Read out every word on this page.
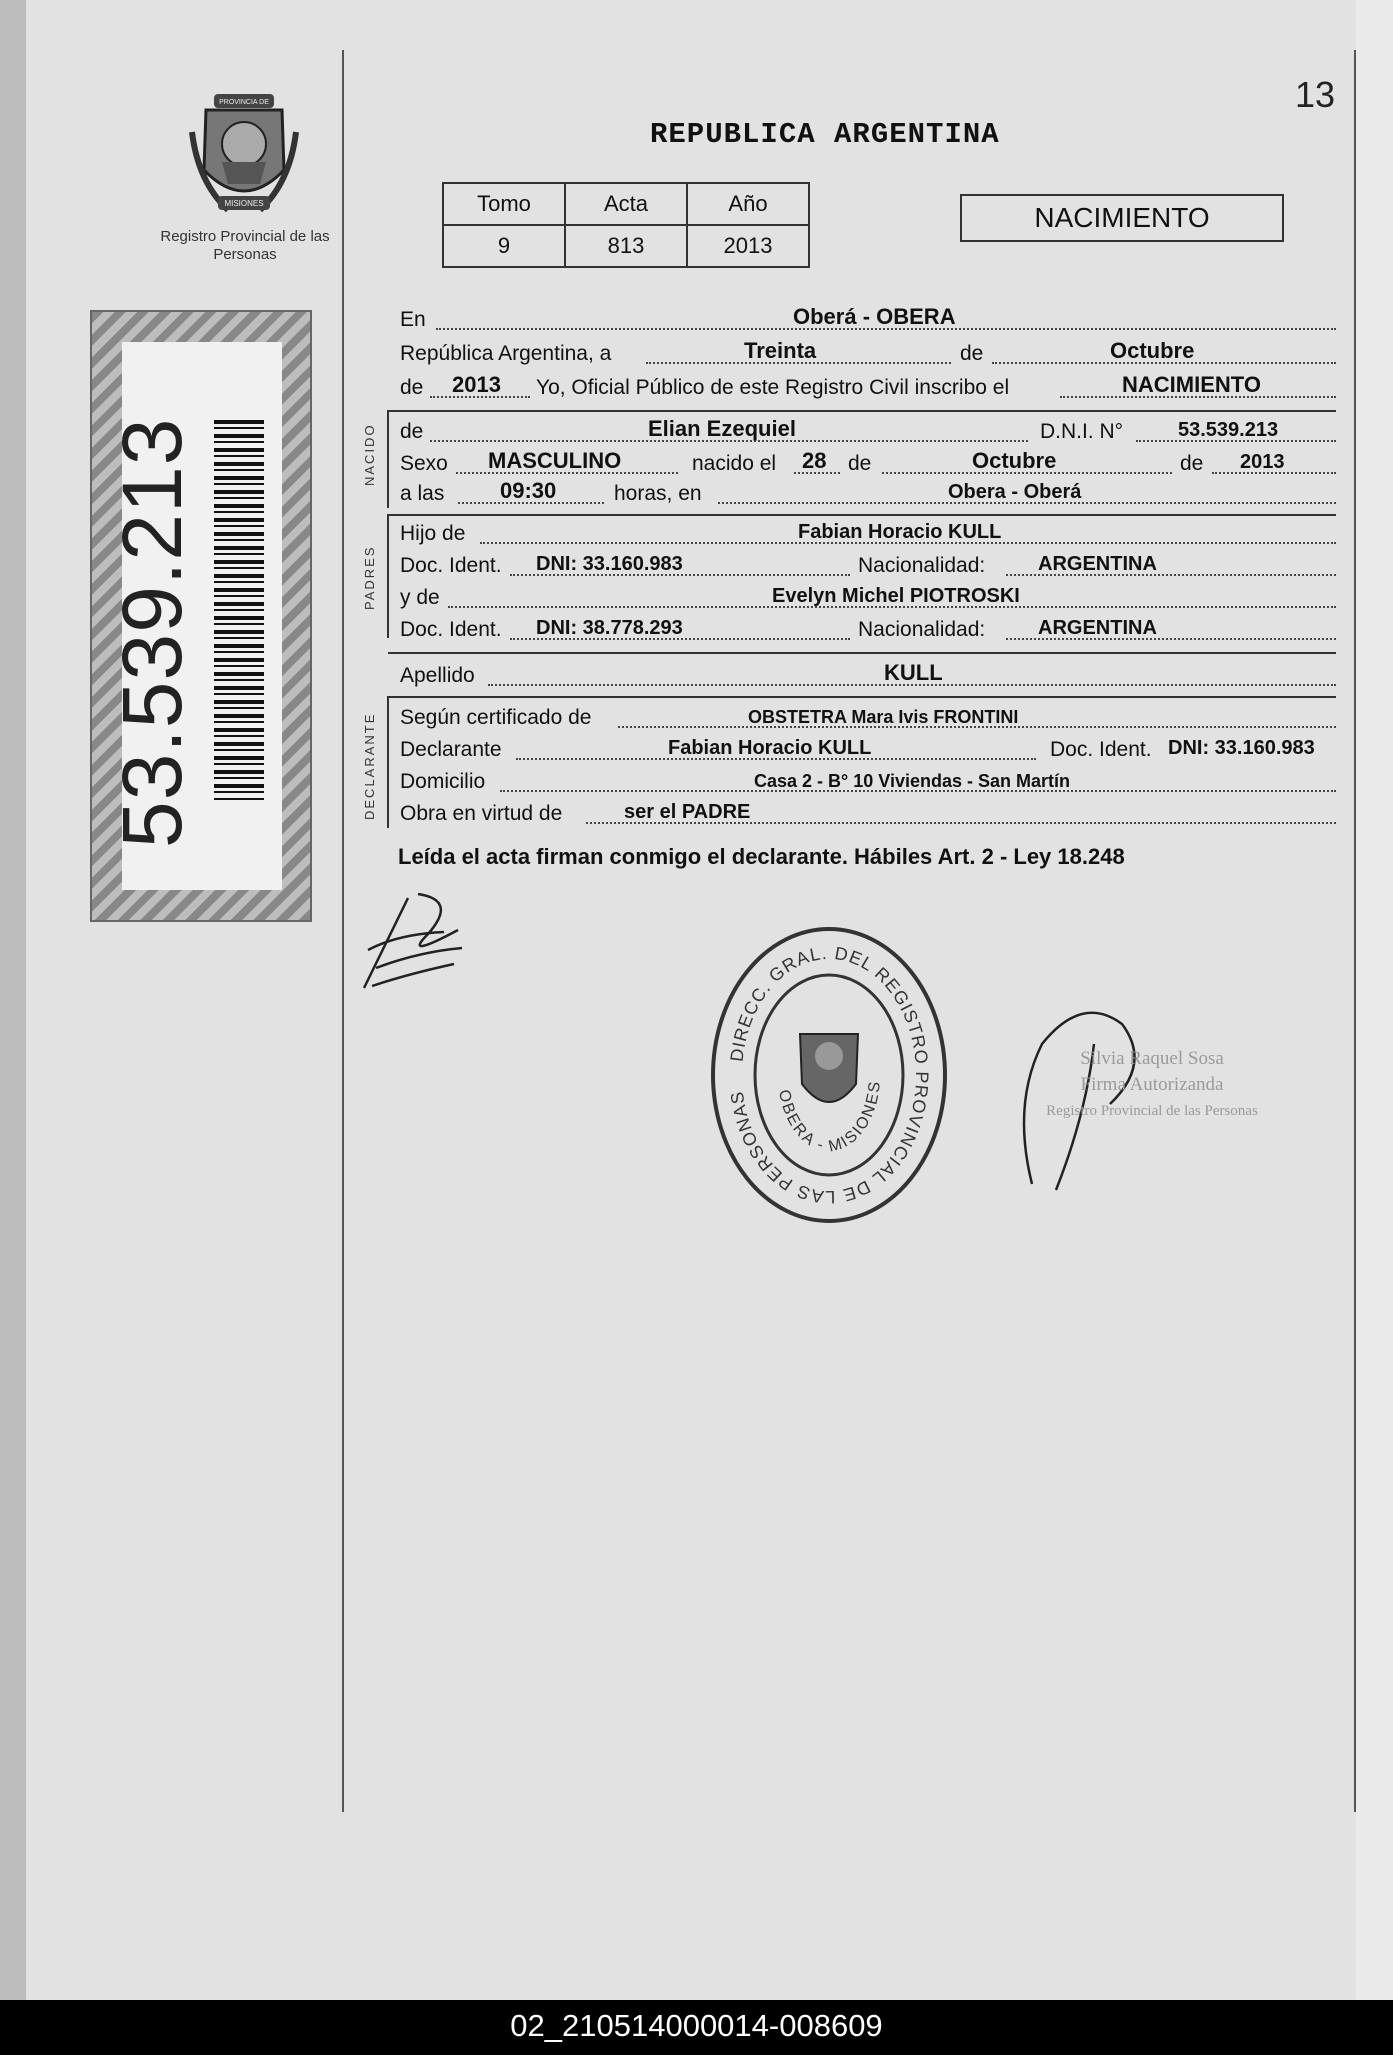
13
PROVINCIA DE
MISIONES
Registro Provincial de las Personas
53.539.213
REPUBLICA ARGENTINA
Tomo	Acta	Año
9	813	2013
NACIMIENTO
En	Oberá - OBERA
República Argentina, a	Treinta	de	Octubre
de 2013 Yo, Oficial Público de este Registro Civil inscribo el	NACIMIENTO
NACIDO de	Elian Ezequiel	D.N.I. N°	53.539.213
Sexo MASCULINO	nacido el 28 de	Octubre	de 2013
a las	09:30	horas, en	Obera - Oberá
PADRES
Hijo de	Fabian Horacio KULL
Doc. Ident. DNI: 33.160.983	Nacionalidad:	ARGENTINA
y de	Evelyn Michel PIOTROSKI
Doc. Ident. DNI: 38.778.293	Nacionalidad:	ARGENTINA
Apellido	KULL
DECLARANTE Según certificado de	OBSTETRA Mara Ivis FRONTINI
Declarante	Fabian Horacio KULL	Doc. Ident. DNI: 33.160.983
Domicilio	Casa 2 - B° 10 Viviendas - San Martín
Obra en virtud de	ser el PADRE
Leída el acta firman conmigo el declarante. Hábiles Art. 2 - Ley 18.248
DIRECC. GRAL. DEL REGISTRO PROVINCIAL DE LAS PERSONAS	OBERA - MISIONES
Silvia Raquel Sosa
Firma Autorizanda
Registro Provincial de las Personas
02_210514000014-008609
